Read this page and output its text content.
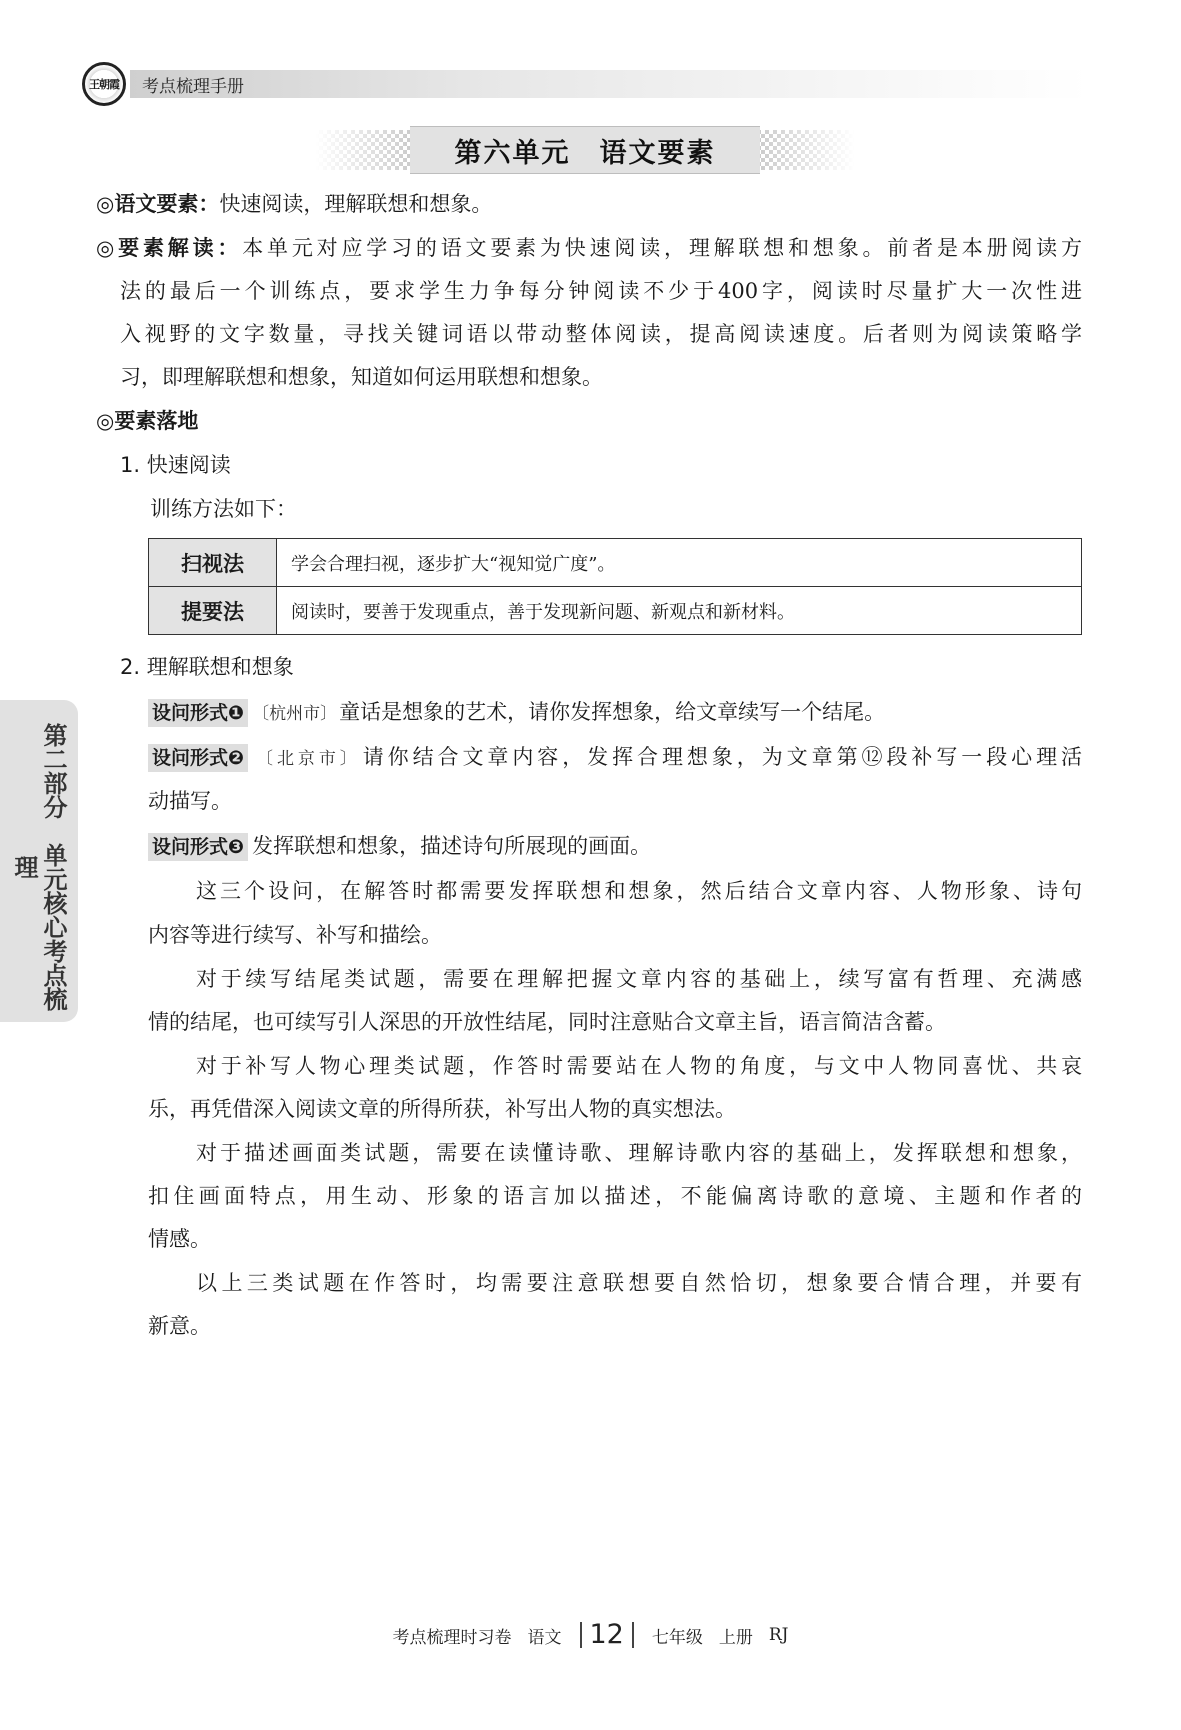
王朝霞 考点梳理手册
第六单元　语文要素
◎语文要素：快速阅读，理解联想和想象。
◎要素解读：本单元对应学习的语文要素为快速阅读，理解联想和想象。前者是本册阅读方
法的最后一个训练点，要求学生力争每分钟阅读不少于400字，阅读时尽量扩大一次性进
入视野的文字数量，寻找关键词语以带动整体阅读，提高阅读速度。后者则为阅读策略学
习，即理解联想和想象，知道如何运用联想和想象。
◎要素落地
1. 快速阅读
训练方法如下：
扫视法	学会合理扫视，逐步扩大“视知觉广度”。
提要法	阅读时，要善于发现重点，善于发现新问题、新观点和新材料。
2. 理解联想和想象
设问形式❶ 〔杭州市〕童话是想象的艺术，请你发挥想象，给文章续写一个结尾。
设问形式❷ 〔北京市〕请你结合文章内容，发挥合理想象，为文章第⑫段补写一段心理活
动描写。
设问形式❸ 发挥联想和想象，描述诗句所展现的画面。
这三个设问，在解答时都需要发挥联想和想象，然后结合文章内容、人物形象、诗句
内容等进行续写、补写和描绘。
对于续写结尾类试题，需要在理解把握文章内容的基础上，续写富有哲理、充满感
情的结尾，也可续写引人深思的开放性结尾，同时注意贴合文章主旨，语言简洁含蓄。
对于补写人物心理类试题，作答时需要站在人物的角度，与文中人物同喜忧、共哀
乐，再凭借深入阅读文章的所得所获，补写出人物的真实想法。
对于描述画面类试题，需要在读懂诗歌、理解诗歌内容的基础上，发挥联想和想象，
扣住画面特点，用生动、形象的语言加以描述，不能偏离诗歌的意境、主题和作者的
情感。
以上三类试题在作答时，均需要注意联想要自然恰切，想象要合情合理，并要有
新意。
第二部分　单元核心考点梳理
考点梳理时习卷 语文	12	七年级 上册 RJ
